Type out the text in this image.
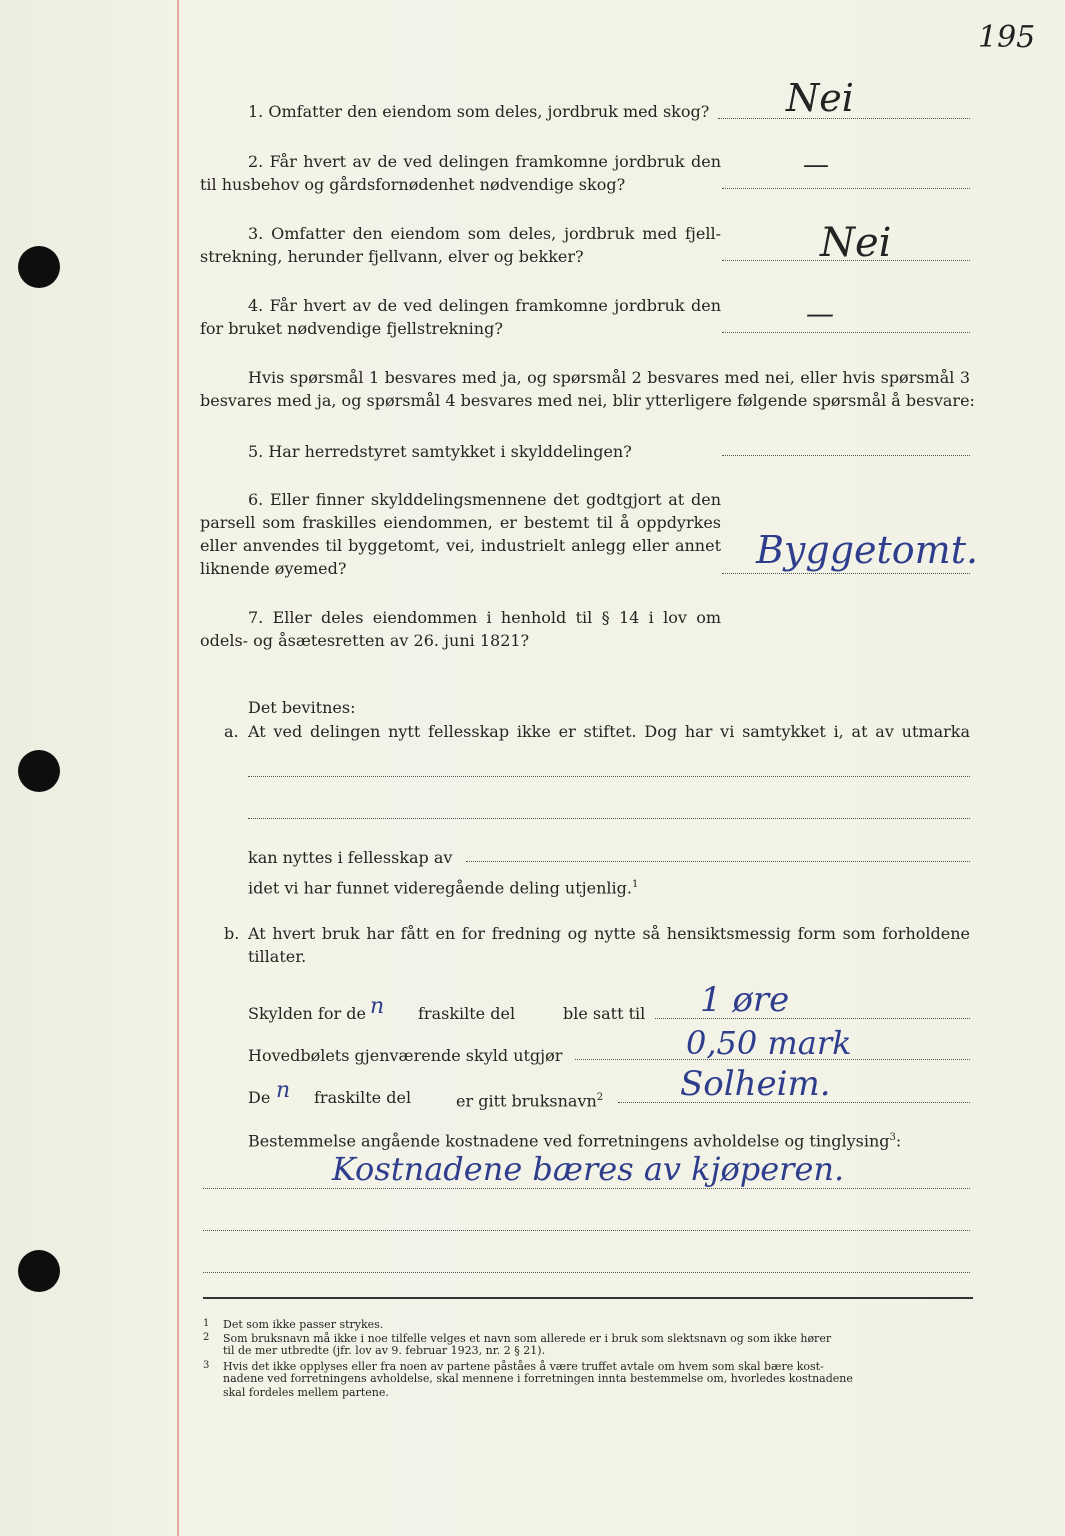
195
1. Omfatter den eiendom som deles, jordbruk med skog? Nei
2. Får hvert av de ved delingen framkomne jordbruk den
til husbehov og gårdsfornødenhet nødvendige skog?
—
3. Omfatter den eiendom som deles, jordbruk med fjell-
strekning, herunder fjellvann, elver og bekker?	Nei
4. Får hvert av de ved delingen framkomne jordbruk den
for bruket nødvendige fjellstrekning?	—
Hvis spørsmål 1 besvares med ja, og spørsmål 2 besvares med nei, eller hvis spørsmål 3
besvares med ja, og spørsmål 4 besvares med nei, blir ytterligere følgende spørsmål å besvare:
5. Har herredstyret samtykket i skylddelingen?
6. Eller finner skylddelingsmennene det godtgjort at den
parsell som fraskilles eiendommen, er bestemt til å oppdyrkes
eller anvendes til byggetomt, vei, industrielt anlegg eller annet
liknende øyemed?	Byggetomt.
7. Eller deles eiendommen i henhold til § 14 i lov om
odels- og åsætesretten av 26. juni 1821?
Det bevitnes:
a. At ved delingen nytt fellesskap ikke er stiftet. Dog har vi samtykket i, at av utmarka
kan nyttes i fellesskap av
idet vi har funnet videregående deling utjenlig.$^1$
b. At hvert bruk har fått en for fredning og nytte så hensiktsmessig form som forholdene
tillater.
Skylden for de n fraskilte del	ble satt til 1 øre
Hovedbølets gjenværende skyld utgjør	0,50 mark
De n fraskilte del	er gitt bruksnavn$^2$ Solheim.
Bestemmelse angående kostnadene ved forretningens avholdelse og tinglysing$^3$:
Kostnadene bæres av kjøperen.
1 Det som ikke passer strykes.
2 Som bruksnavn må ikke i noe tilfelle velges et navn som allerede er i bruk som slektsnavn og som ikke hører
til de mer utbredte (jfr. lov av 9. februar 1923, nr. 2 § 21).
3 Hvis det ikke opplyses eller fra noen av partene påståes å være truffet avtale om hvem som skal bære kost-
nadene ved forretningens avholdelse, skal mennene i forretningen innta bestemmelse om, hvorledes kostnadene
skal fordeles mellem partene.
